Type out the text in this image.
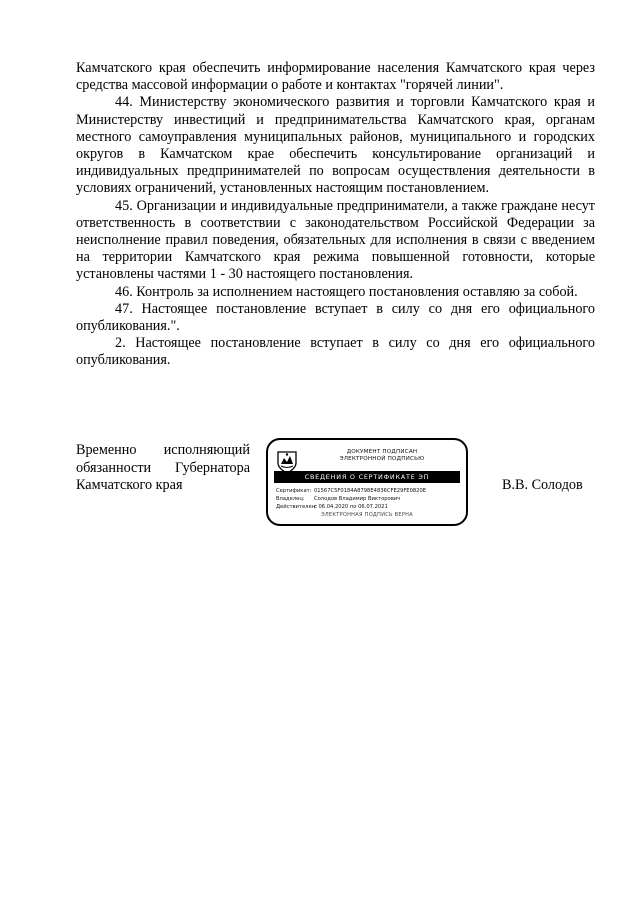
Камчатского края обеспечить информирование населения Камчатского края через средства массовой информации о работе и контактах "горячей линии".

44. Министерству экономического развития и торговли Камчатского края и Министерству инвестиций и предпринимательства Камчатского края, органам местного самоуправления муниципальных районов, муниципального и городских округов в Камчатском крае обеспечить консультирование организаций и индивидуальных предпринимателей по вопросам осуществления деятельности в условиях ограничений, установленных настоящим постановлением.

45. Организации и индивидуальные предприниматели, а также граждане несут ответственность в соответствии с законодательством Российской Федерации за неисполнение правил поведения, обязательных для исполнения в связи с введением на территории Камчатского края режима повышенной готовности, которые установлены частями 1 - 30 настоящего постановления.

46. Контроль за исполнением настоящего постановления оставляю за собой.

47. Настоящее постановление вступает в силу со дня его официального опубликования.".

2. Настоящее постановление вступает в силу со дня его официального опубликования.

Временно исполняющий
обязанности Губернатора
Камчатского края
ДОКУМЕНТ ПОДПИСАН
ЭЛЕКТРОННОЙ ПОДПИСЬЮ
СВЕДЕНИЯ О СЕРТИФИКАТЕ ЭП
Сертификат: 01567C5F0184A8798E4836CFE29FE0820E
Владелец:	Солодов Владимир Викторович
Действителен:
с 06.04.2020 по 06.07.2021
ЭЛЕКТРОННАЯ ПОДПИСЬ ВЕРНА
В.В. Солодов
